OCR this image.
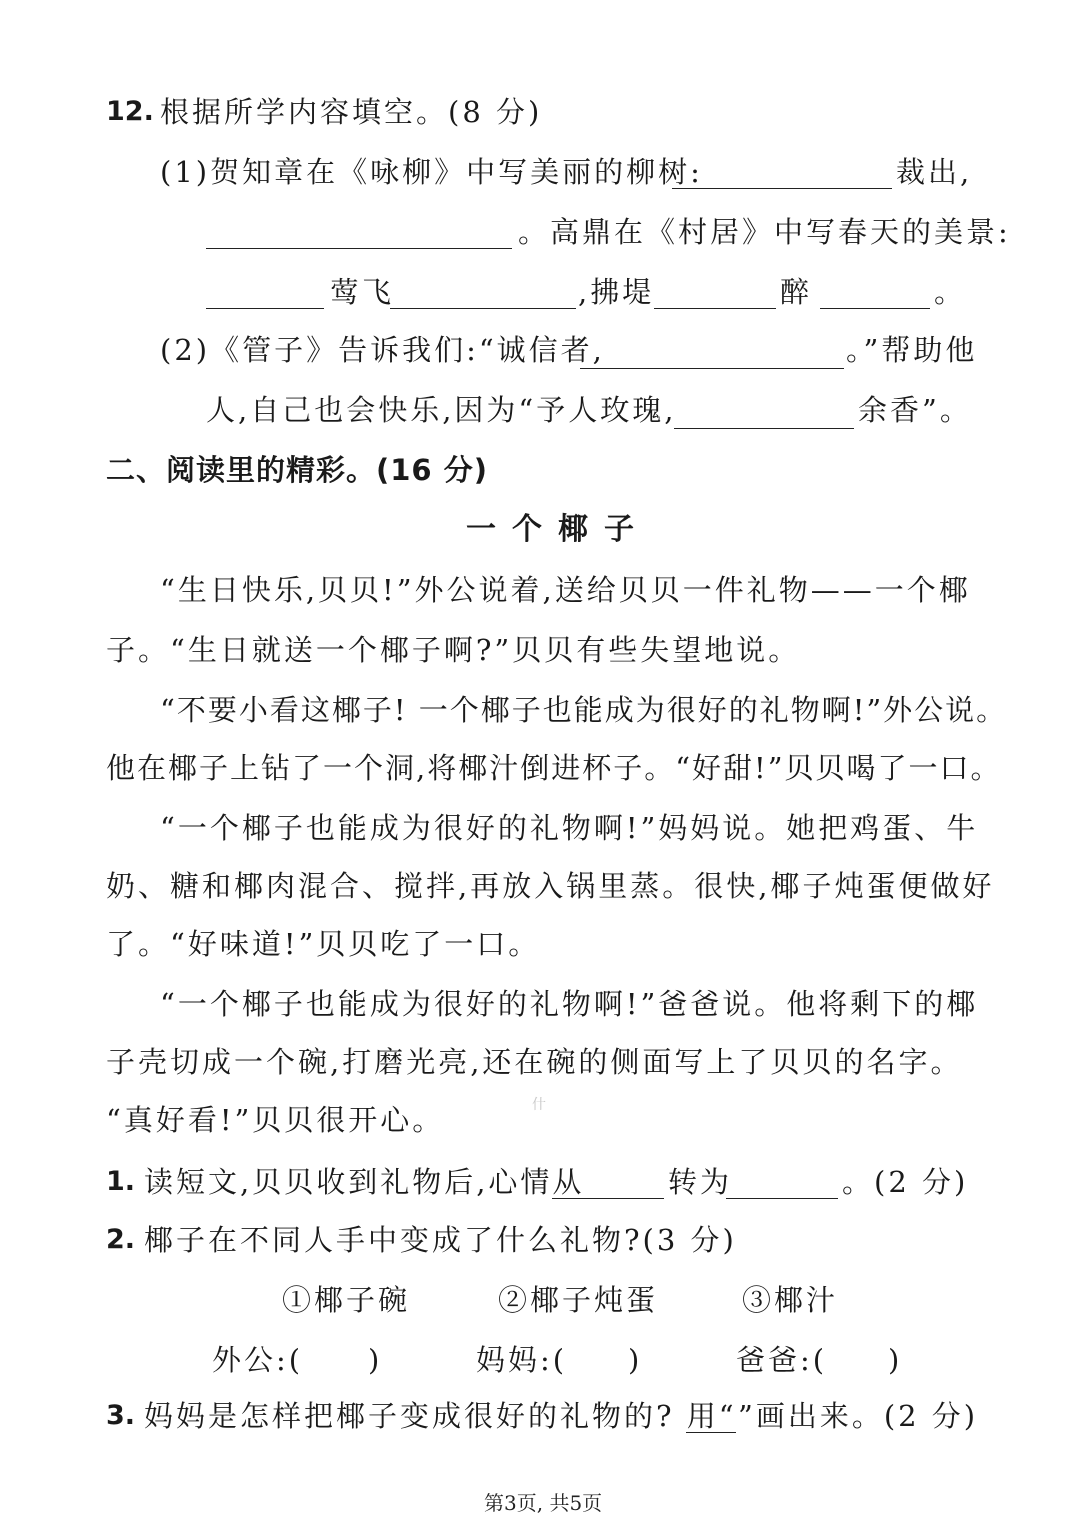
12. 根据所学内容填空。(8 分)
(1)贺知章在《咏柳》中写美丽的柳树:	裁出,
。高鼎在《村居》中写春天的美景:
莺飞	,拂堤	醉	。
(2)《管子》告诉我们:“诚信者,	。”帮助他
人,自己也会快乐,因为“予人玫瑰,	余香”。
二、阅读里的精彩。(16 分)
一个椰子
“生日快乐,贝贝!”外公说着,送给贝贝一件礼物——一个椰
子。“生日就送一个椰子啊?”贝贝有些失望地说。
“不要小看这椰子! 一个椰子也能成为很好的礼物啊!”外公说。
他在椰子上钻了一个洞,将椰汁倒进杯子。“好甜!”贝贝喝了一口。
“一个椰子也能成为很好的礼物啊!”妈妈说。她把鸡蛋、牛
奶、糖和椰肉混合、搅拌,再放入锅里蒸。很快,椰子炖蛋便做好
了。“好味道!”贝贝吃了一口。
“一个椰子也能成为很好的礼物啊!”爸爸说。他将剩下的椰
子壳切成一个碗,打磨光亮,还在碗的侧面写上了贝贝的名字。
“真好看!”贝贝很开心。	什
1. 读短文,贝贝收到礼物后,心情从	转为	。(2 分)
2. 椰子在不同人手中变成了什么礼物?(3 分)
①椰子碗	②椰子炖蛋	③椰汁
外公:( )	妈妈:( )	爸爸:( )
3. 妈妈是怎样把椰子变成很好的礼物的? 用“ ”画出来。(2 分)
第3页, 共5页
